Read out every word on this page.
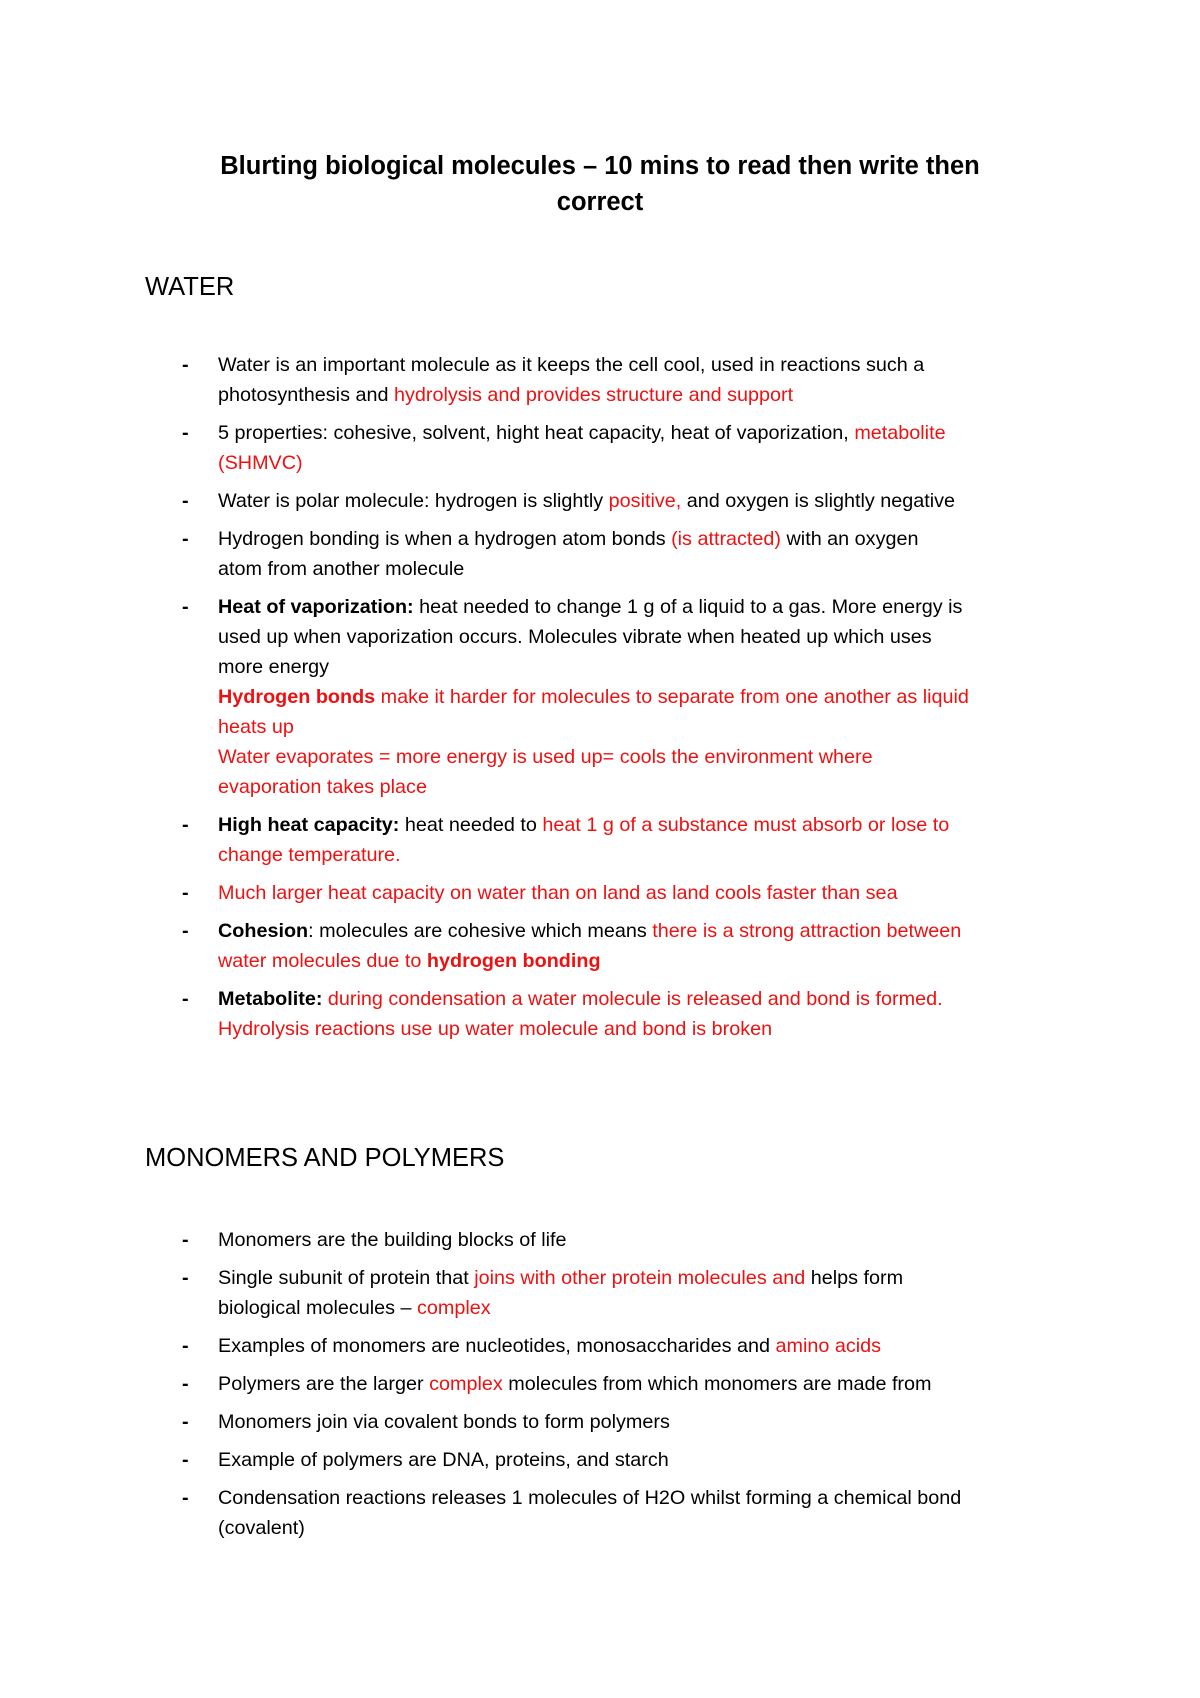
Blurting biological molecules – 10 mins to read then write then
correct
WATER
- Water is an important molecule as it keeps the cell cool, used in reactions such a
photosynthesis and hydrolysis and provides structure and support
- 5 properties: cohesive, solvent, hight heat capacity, heat of vaporization, metabolite
(SHMVC)
- Water is polar molecule: hydrogen is slightly positive, and oxygen is slightly negative
- Hydrogen bonding is when a hydrogen atom bonds (is attracted) with an oxygen
atom from another molecule
- Heat of vaporization: heat needed to change 1 g of a liquid to a gas. More energy is
used up when vaporization occurs. Molecules vibrate when heated up which uses
more energy
Hydrogen bonds make it harder for molecules to separate from one another as liquid
heats up
Water evaporates = more energy is used up= cools the environment where
evaporation takes place
- High heat capacity: heat needed to heat 1 g of a substance must absorb or lose to
change temperature.
- Much larger heat capacity on water than on land as land cools faster than sea
- Cohesion: molecules are cohesive which means there is a strong attraction between
water molecules due to hydrogen bonding
- Metabolite: during condensation a water molecule is released and bond is formed.
Hydrolysis reactions use up water molecule and bond is broken
MONOMERS AND POLYMERS
- Monomers are the building blocks of life
- Single subunit of protein that joins with other protein molecules and helps form
biological molecules – complex
- Examples of monomers are nucleotides, monosaccharides and amino acids
- Polymers are the larger complex molecules from which monomers are made from
- Monomers join via covalent bonds to form polymers
- Example of polymers are DNA, proteins, and starch
- Condensation reactions releases 1 molecules of H2O whilst forming a chemical bond
(covalent)
